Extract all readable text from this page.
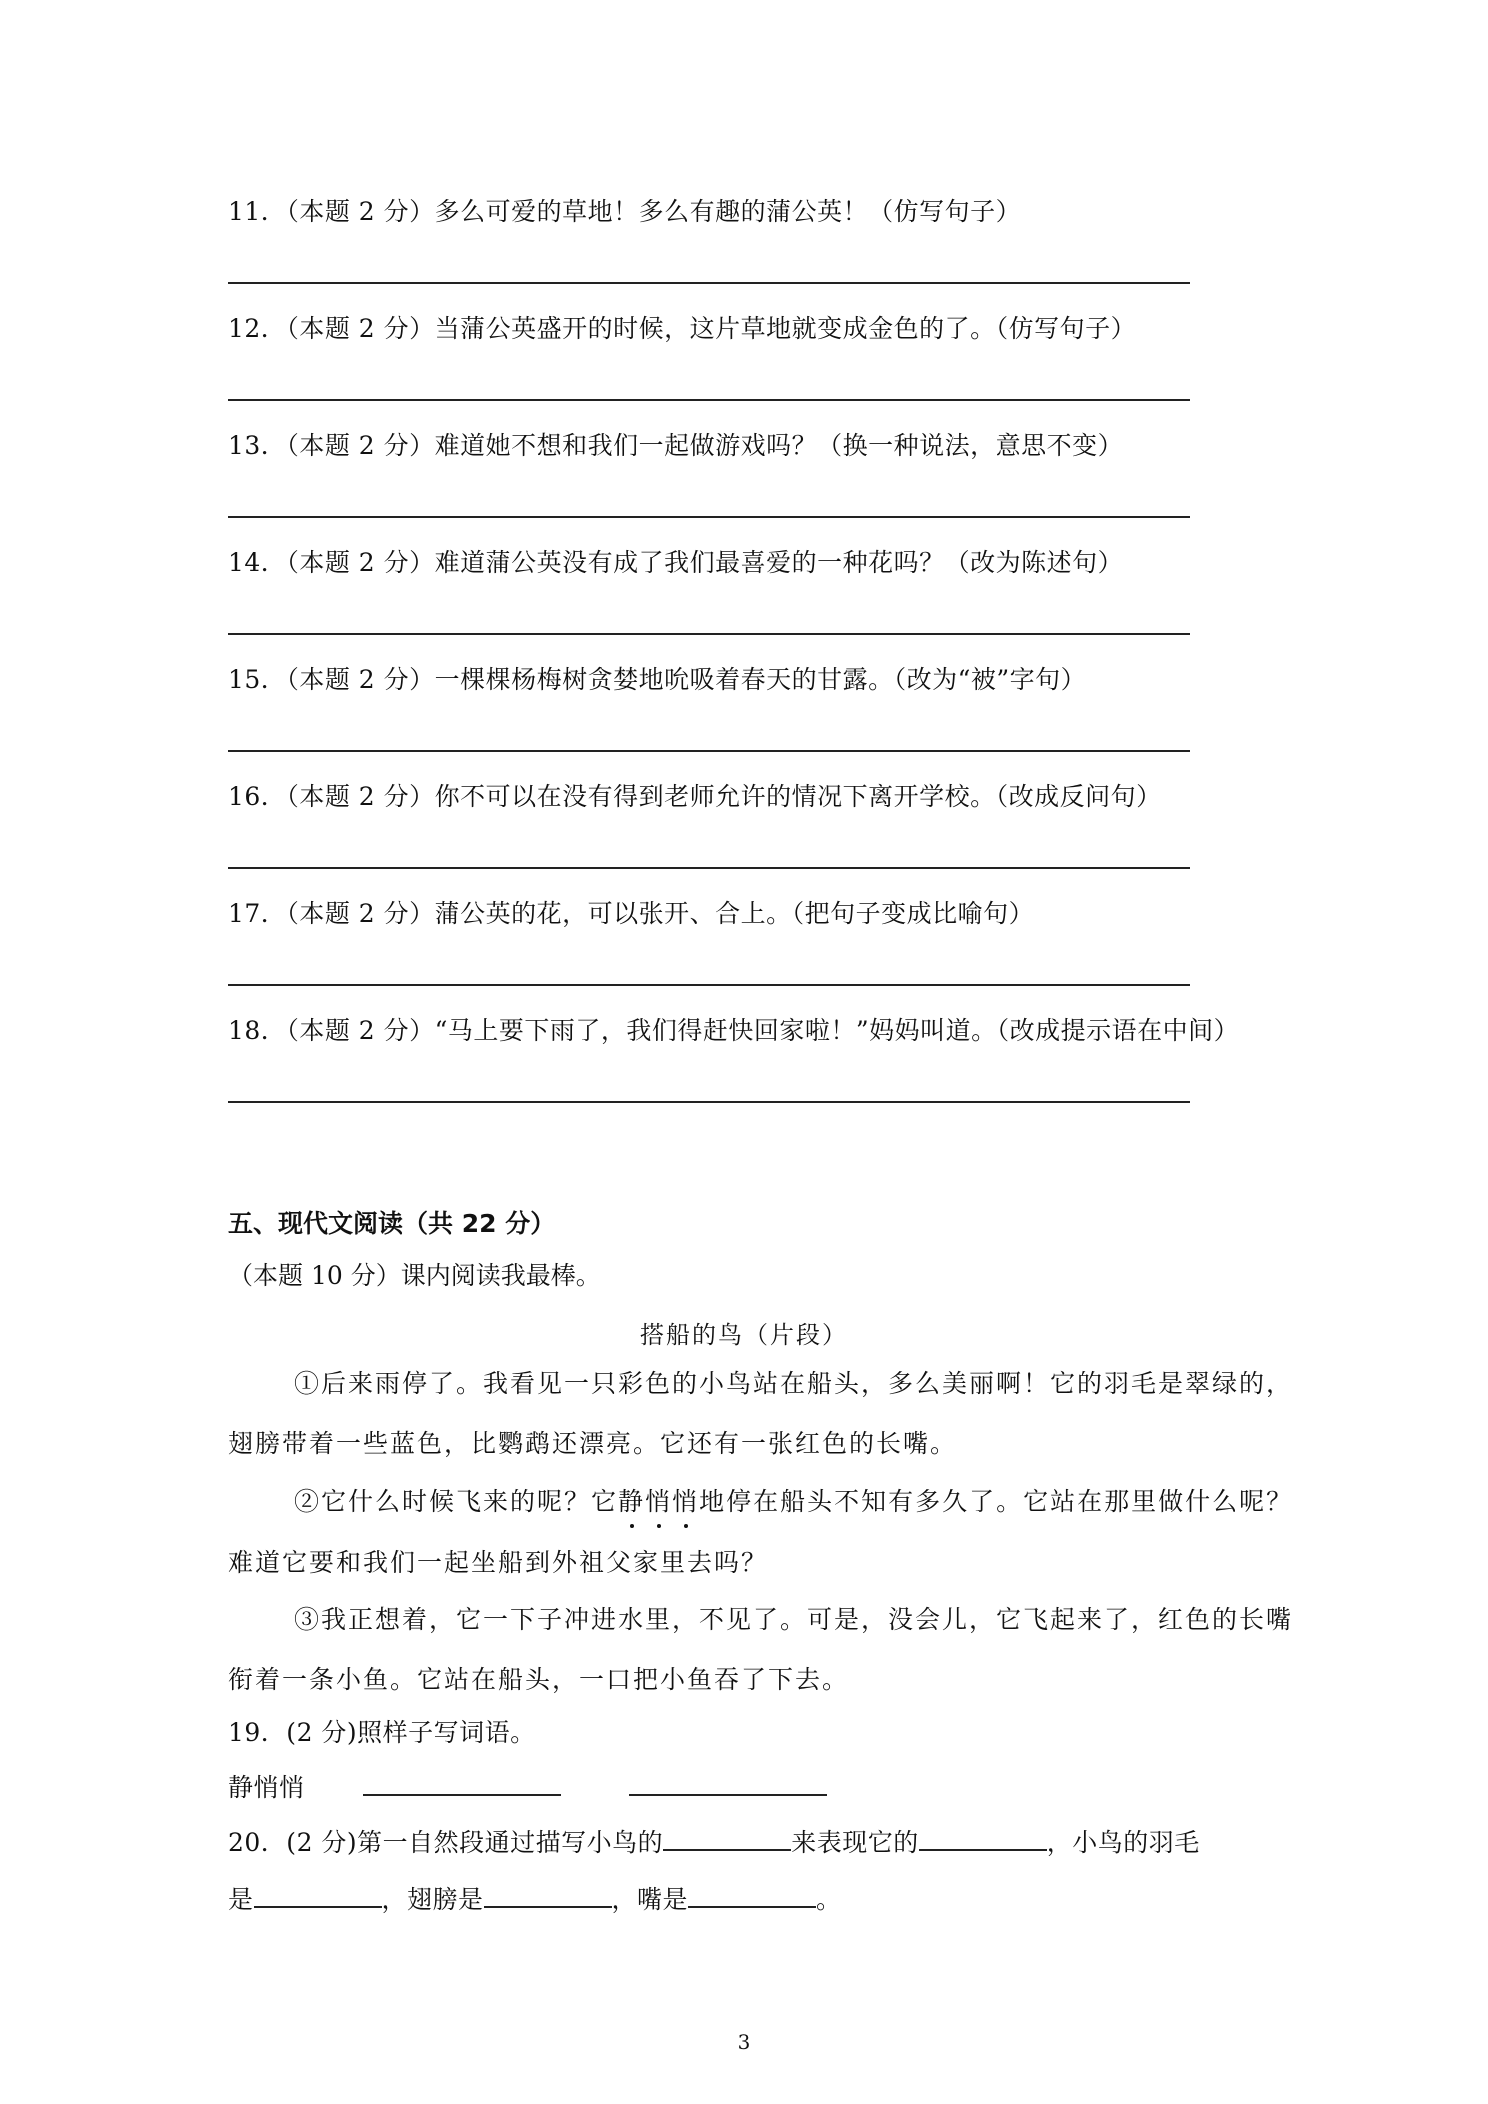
11．（本题 2 分）多么可爱的草地！多么有趣的蒲公英！（仿写句子）
12．（本题 2 分）当蒲公英盛开的时候，这片草地就变成金色的了。（仿写句子）
13．（本题 2 分）难道她不想和我们一起做游戏吗？（换一种说法，意思不变）
14．（本题 2 分）难道蒲公英没有成了我们最喜爱的一种花吗？（改为陈述句）
15．（本题 2 分）一棵棵杨梅树贪婪地吮吸着春天的甘露。（改为“被”字句）
16．（本题 2 分）你不可以在没有得到老师允许的情况下离开学校。（改成反问句）
17．（本题 2 分）蒲公英的花，可以张开、合上。（把句子变成比喻句）
18．（本题 2 分）“马上要下雨了，我们得赶快回家啦！”妈妈叫道。（改成提示语在中间）
五、现代文阅读（共 22 分）
（本题 10 分）课内阅读我最棒。
搭船的鸟（片段）
①后来雨停了。我看见一只彩色的小鸟站在船头，多么美丽啊！它的羽毛是翠绿的，
翅膀带着一些蓝色，比鹦鹉还漂亮。它还有一张红色的长嘴。
②它什么时候飞来的呢？它静悄悄地停在船头不知有多久了。它站在那里做什么呢？
难道它要和我们一起坐船到外祖父家里去吗？
③我正想着，它一下子冲进水里，不见了。可是，没会儿，它飞起来了，红色的长嘴
衔着一条小鱼。它站在船头，一口把小鱼吞了下去。
19．(2 分)照样子写词语。
静悄悄
20．(2 分)第一自然段通过描写小鸟的	来表现它的	，小鸟的羽毛
是	，翅膀是	，嘴是	。
3
